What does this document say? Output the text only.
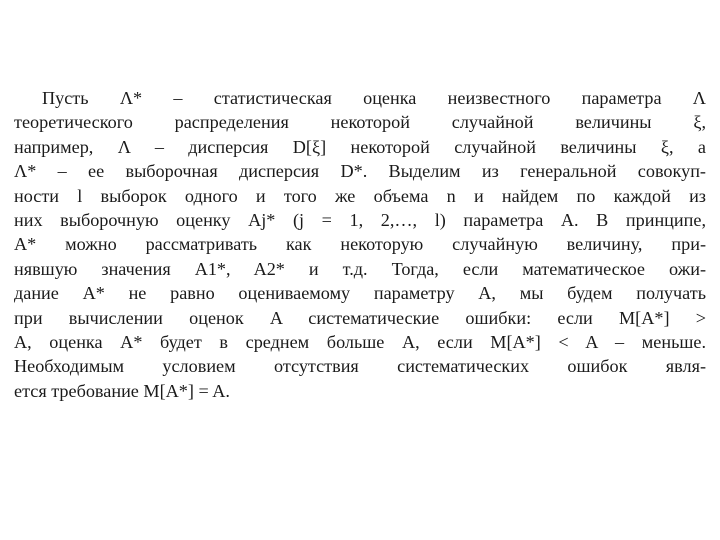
Пусть Λ* – статистическая оценка неизвестного параметра Λ
теоретического распределения некоторой случайной величины ξ,
например, Λ – дисперсия D[ξ] некоторой случайной величины ξ, а
Λ* – ее выборочная дисперсия D*. Выделим из генеральной совокуп-
ности l выборок одного и того же объема n и найдем по каждой из
них выборочную оценку Aj* (j = 1, 2,…, l) параметра A. В принципе,
A* можно рассматривать как некоторую случайную величину, при-
нявшую значения A1*, A2* и т.д. Тогда, если математическое ожи-
дание A* не равно оцениваемому параметру A, мы будем получать
при вычислении оценок A систематические ошибки: если M[A*] >
A, оценка A* будет в среднем больше A, если M[A*] < A – меньше.
Необходимым условием отсутствия систематических ошибок явля-
ется требование M[A*] = A.
